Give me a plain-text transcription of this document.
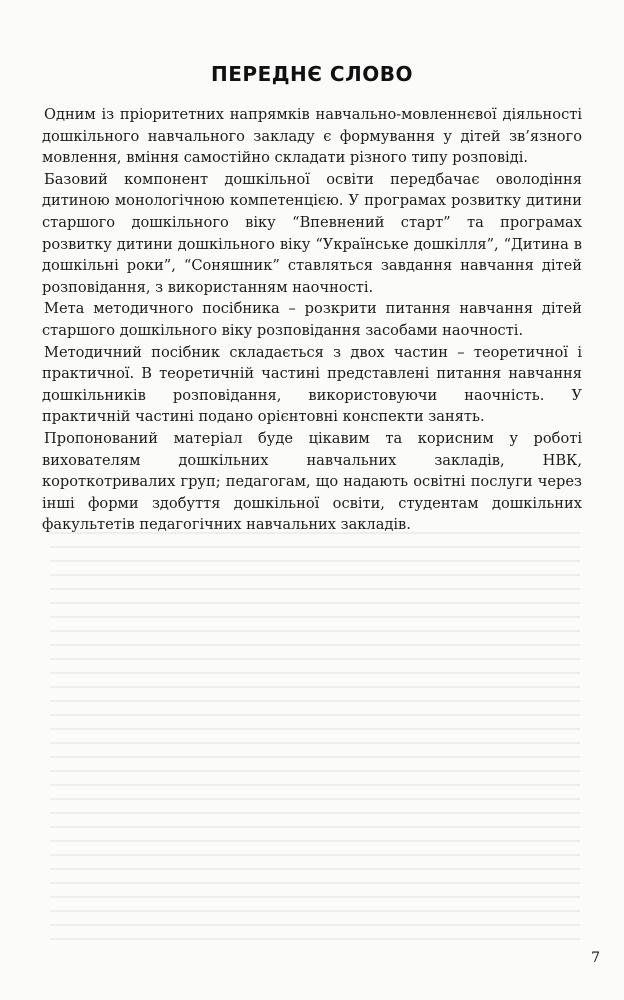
ПЕРЕДНЄ СЛОВО

Одним із пріоритетних напрямків навчально-мовленнєвої діяльності дошкільного навчального закладу є формування у дітей зв’язного мовлення, вміння самостійно складати різного типу розповіді.

Базовий компонент дошкільної освіти передбачає оволодіння дитиною монологічною компетенцією. У програмах розвитку дитини старшого дошкільного віку “Впевнений старт” та програмах розвитку дитини дошкільного віку “Українське дошкілля”, “Дитина в дошкільні роки”, “Соняшник” ставляться завдання навчання дітей розповідання, з використанням наочності.

Мета методичного посібника – розкрити питання навчання дітей старшого дошкільного віку розповідання засобами наочності.

Методичний посібник складається з двох частин – теоретичної і практичної. В теоретичній частині представлені питання навчання дошкільників розповідання, використовуючи наочність. У практичній частині подано орієнтовні конспекти занять.

Пропонований матеріал буде цікавим та корисним у роботі вихователям дошкільних навчальних закладів, НВК, короткотривалих груп; педагогам, що надають освітні послуги через інші форми здобуття дошкільної освіти, студентам дошкільних факультетів педагогічних навчальних закладів.

7
